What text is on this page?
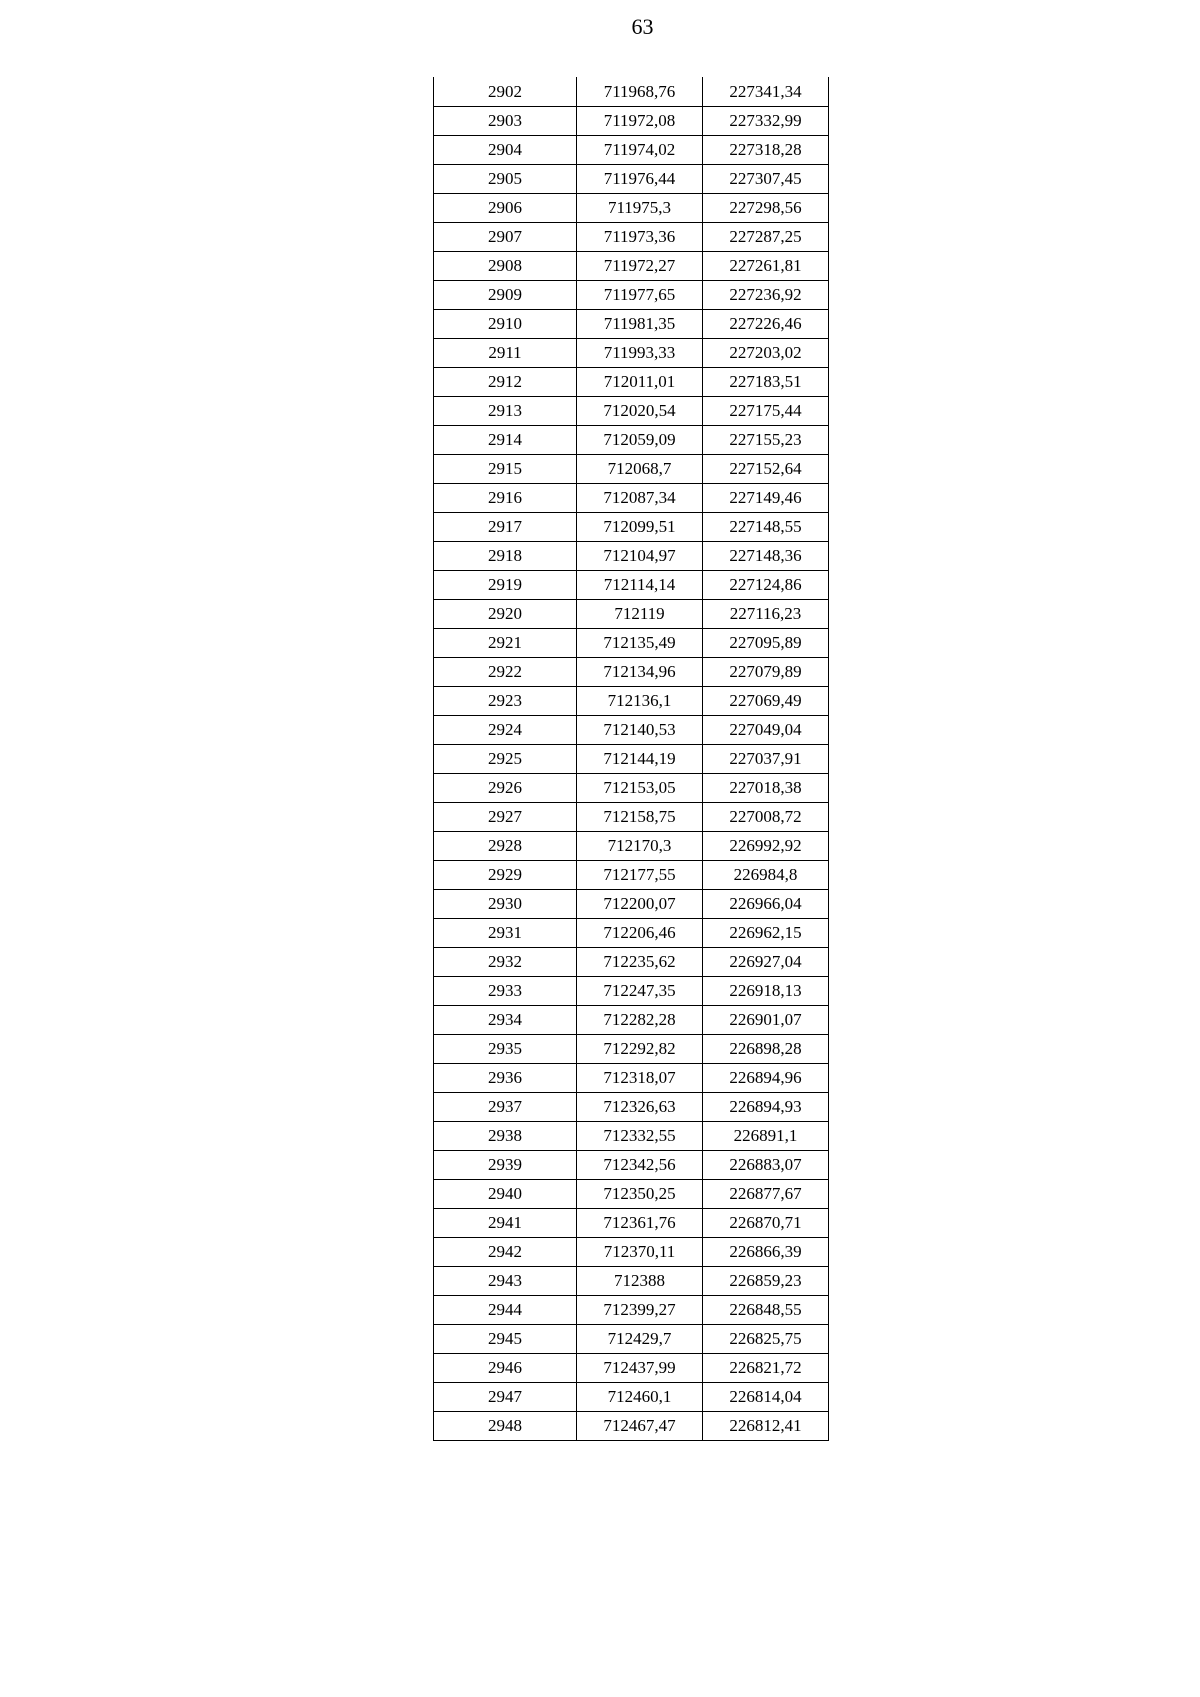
63
2902	711968,76	227341,34
2903	711972,08	227332,99
2904	711974,02	227318,28
2905	711976,44	227307,45
2906	711975,3	227298,56
2907	711973,36	227287,25
2908	711972,27	227261,81
2909	711977,65	227236,92
2910	711981,35	227226,46
2911	711993,33	227203,02
2912	712011,01	227183,51
2913	712020,54	227175,44
2914	712059,09	227155,23
2915	712068,7	227152,64
2916	712087,34	227149,46
2917	712099,51	227148,55
2918	712104,97	227148,36
2919	712114,14	227124,86
2920	712119	227116,23
2921	712135,49	227095,89
2922	712134,96	227079,89
2923	712136,1	227069,49
2924	712140,53	227049,04
2925	712144,19	227037,91
2926	712153,05	227018,38
2927	712158,75	227008,72
2928	712170,3	226992,92
2929	712177,55	226984,8
2930	712200,07	226966,04
2931	712206,46	226962,15
2932	712235,62	226927,04
2933	712247,35	226918,13
2934	712282,28	226901,07
2935	712292,82	226898,28
2936	712318,07	226894,96
2937	712326,63	226894,93
2938	712332,55	226891,1
2939	712342,56	226883,07
2940	712350,25	226877,67
2941	712361,76	226870,71
2942	712370,11	226866,39
2943	712388	226859,23
2944	712399,27	226848,55
2945	712429,7	226825,75
2946	712437,99	226821,72
2947	712460,1	226814,04
2948	712467,47	226812,41
